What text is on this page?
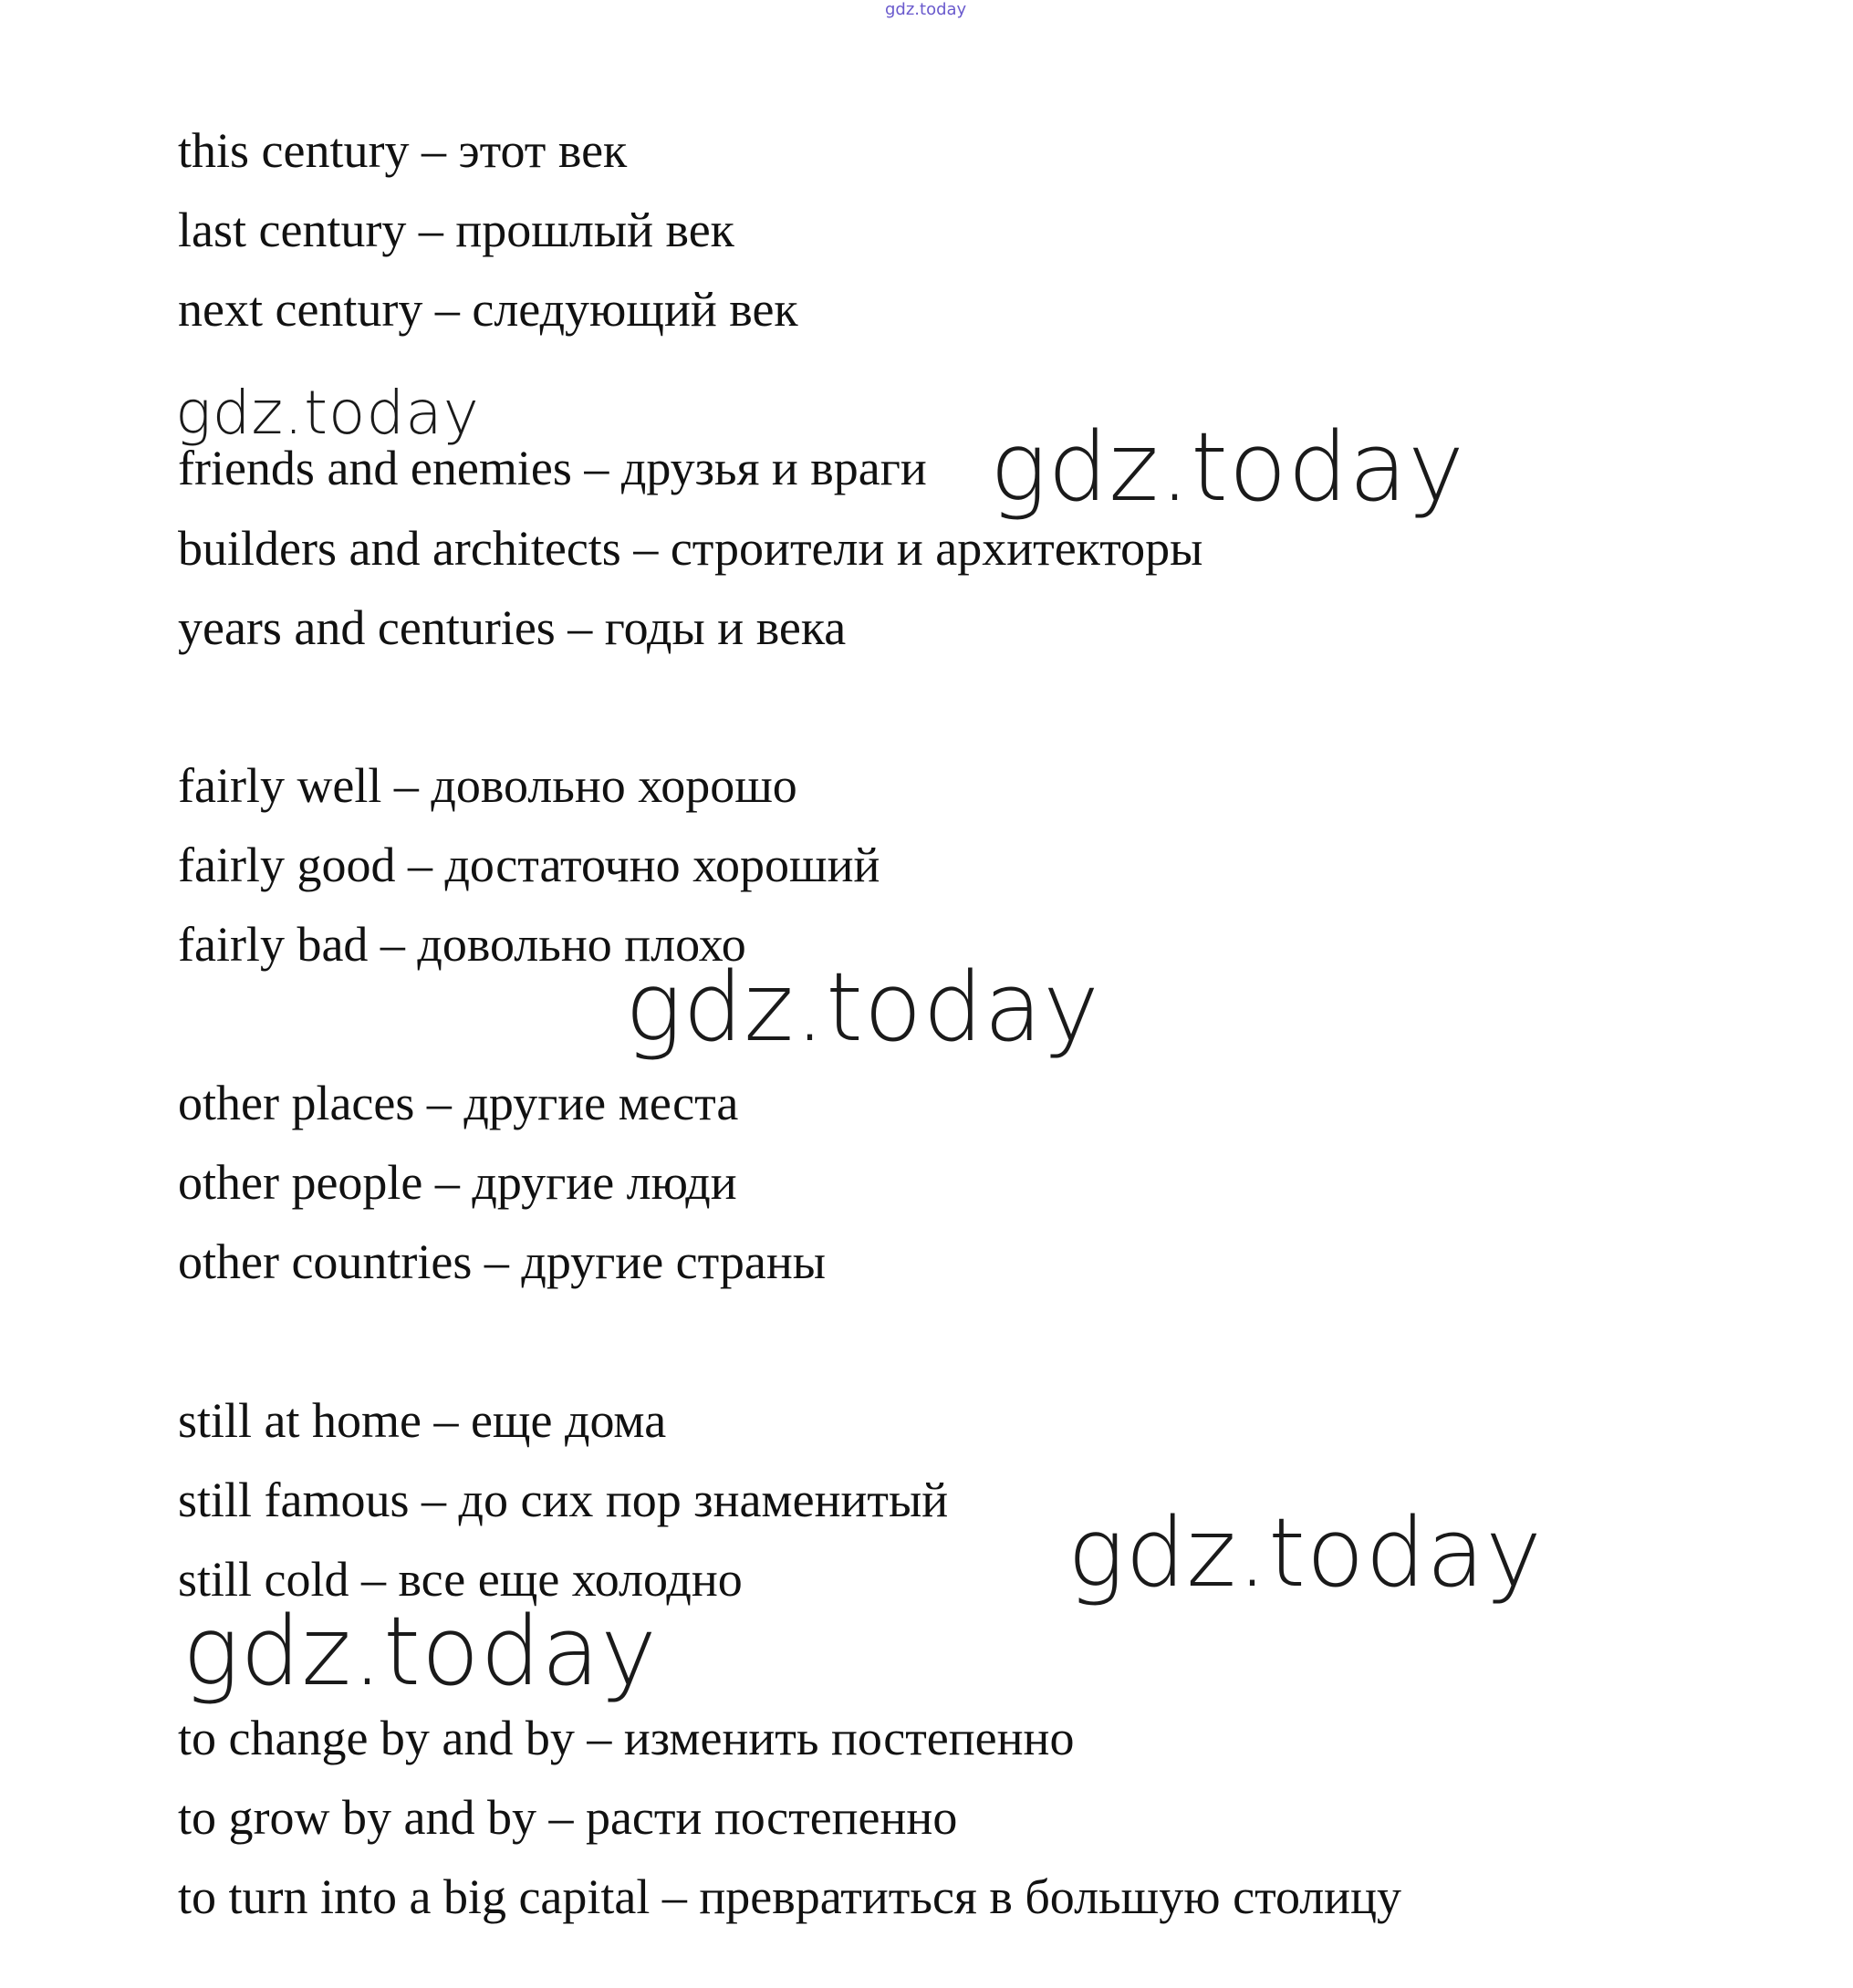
gdz.today
this century – этот век
last century – прошлый век
next century – следующий век
friends and enemies – друзья и враги
builders and architects – строители и архитекторы
years and centuries – годы и века
fairly well – довольно хорошо
fairly good – достаточно хороший
fairly bad – довольно плохо
other places – другие места
other people – другие люди
other countries – другие страны
still at home – еще дома
still famous – до сих пор знаменитый
still cold – все еще холодно
to change by and by – изменить постепенно
to grow by and by – расти постепенно
to turn into a big capital – превратиться в большую столицу
gdz.today	gdz.today
gdz.today
gdz.today
gdz.today
